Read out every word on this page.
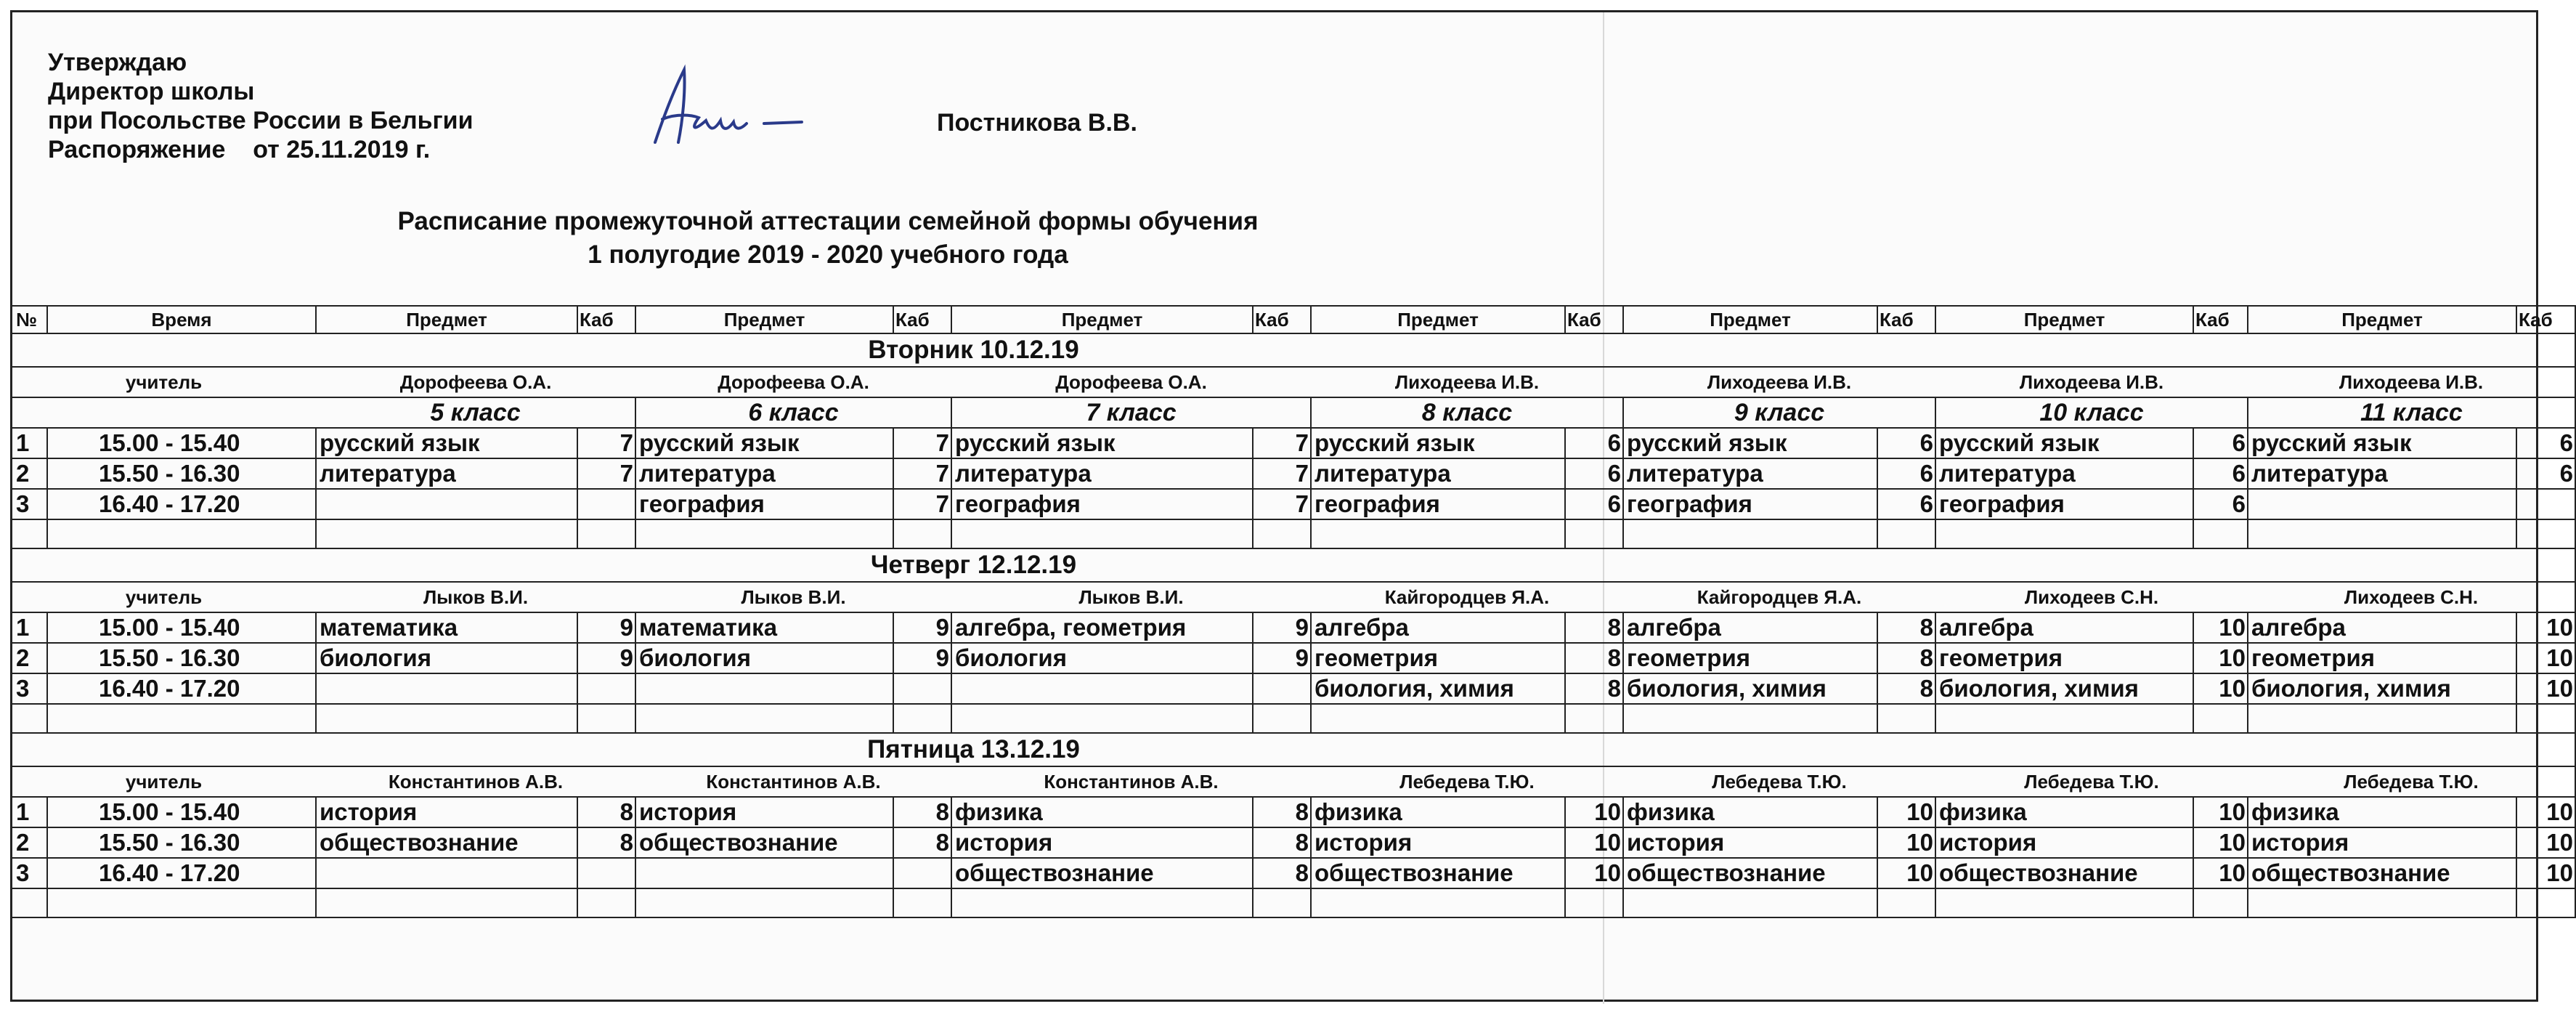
Утверждаю
Директор школы
при Посольстве России в Бельгии
Распоряжение    от 25.11.2019 г.
Постникова В.В.
Расписание промежуточной аттестации семейной формы обучения
1 полугодие 2019 - 2020 учебного года
№	Время	Предмет	Каб	Предмет	Каб	Предмет	Каб	Предмет	Каб	Предмет	Каб	Предмет	Каб	Предмет	Каб
Вторник 10.12.19															
учитель		Дорофеева О.А.		Дорофеева О.А.		Дорофеева О.А.		Лиходеева И.В.		Лиходеева И.В.		Лиходеева И.В.		Лиходеева И.В.	
		5 класс		6 класс		7 класс		8 класс		9 класс		10 класс		11 класс	
1	15.00 - 15.40	русский язык	7	русский язык	7	русский язык	7	русский язык	6	русский язык	6	русский язык	6	русский язык	6
2	15.50 - 16.30	литература	7	литература	7	литература	7	литература	6	литература	6	литература	6	литература	6
3	16.40 - 17.20			география	7	география	7	география	6	география	6	география	6		

Четверг 12.12.19															
учитель		Лыков В.И.		Лыков В.И.		Лыков В.И.		Кайгородцев Я.А.		Кайгородцев Я.А.		Лиходеев С.Н.		Лиходеев С.Н.	
1	15.00 - 15.40	математика	9	математика	9	алгебра, геометрия	9	алгебра	8	алгебра	8	алгебра	10	алгебра	10
2	15.50 - 16.30	биология	9	биология	9	биология	9	геометрия	8	геометрия	8	геометрия	10	геометрия	10
3	16.40 - 17.20							биология, химия	8	биология, химия	8	биология, химия	10	биология, химия	10

Пятница 13.12.19															
учитель		Константинов А.В.		Константинов А.В.		Константинов А.В.		Лебедева Т.Ю.		Лебедева Т.Ю.		Лебедева Т.Ю.		Лебедева Т.Ю.	
1	15.00 - 15.40	история	8	история	8	физика	8	физика	10	физика	10	физика	10	физика	10
2	15.50 - 16.30	обществознание	8	обществознание	8	история	8	история	10	история	10	история	10	история	10
3	16.40 - 17.20					обществознание	8	обществознание	10	обществознание	10	обществознание	10	обществознание	10
